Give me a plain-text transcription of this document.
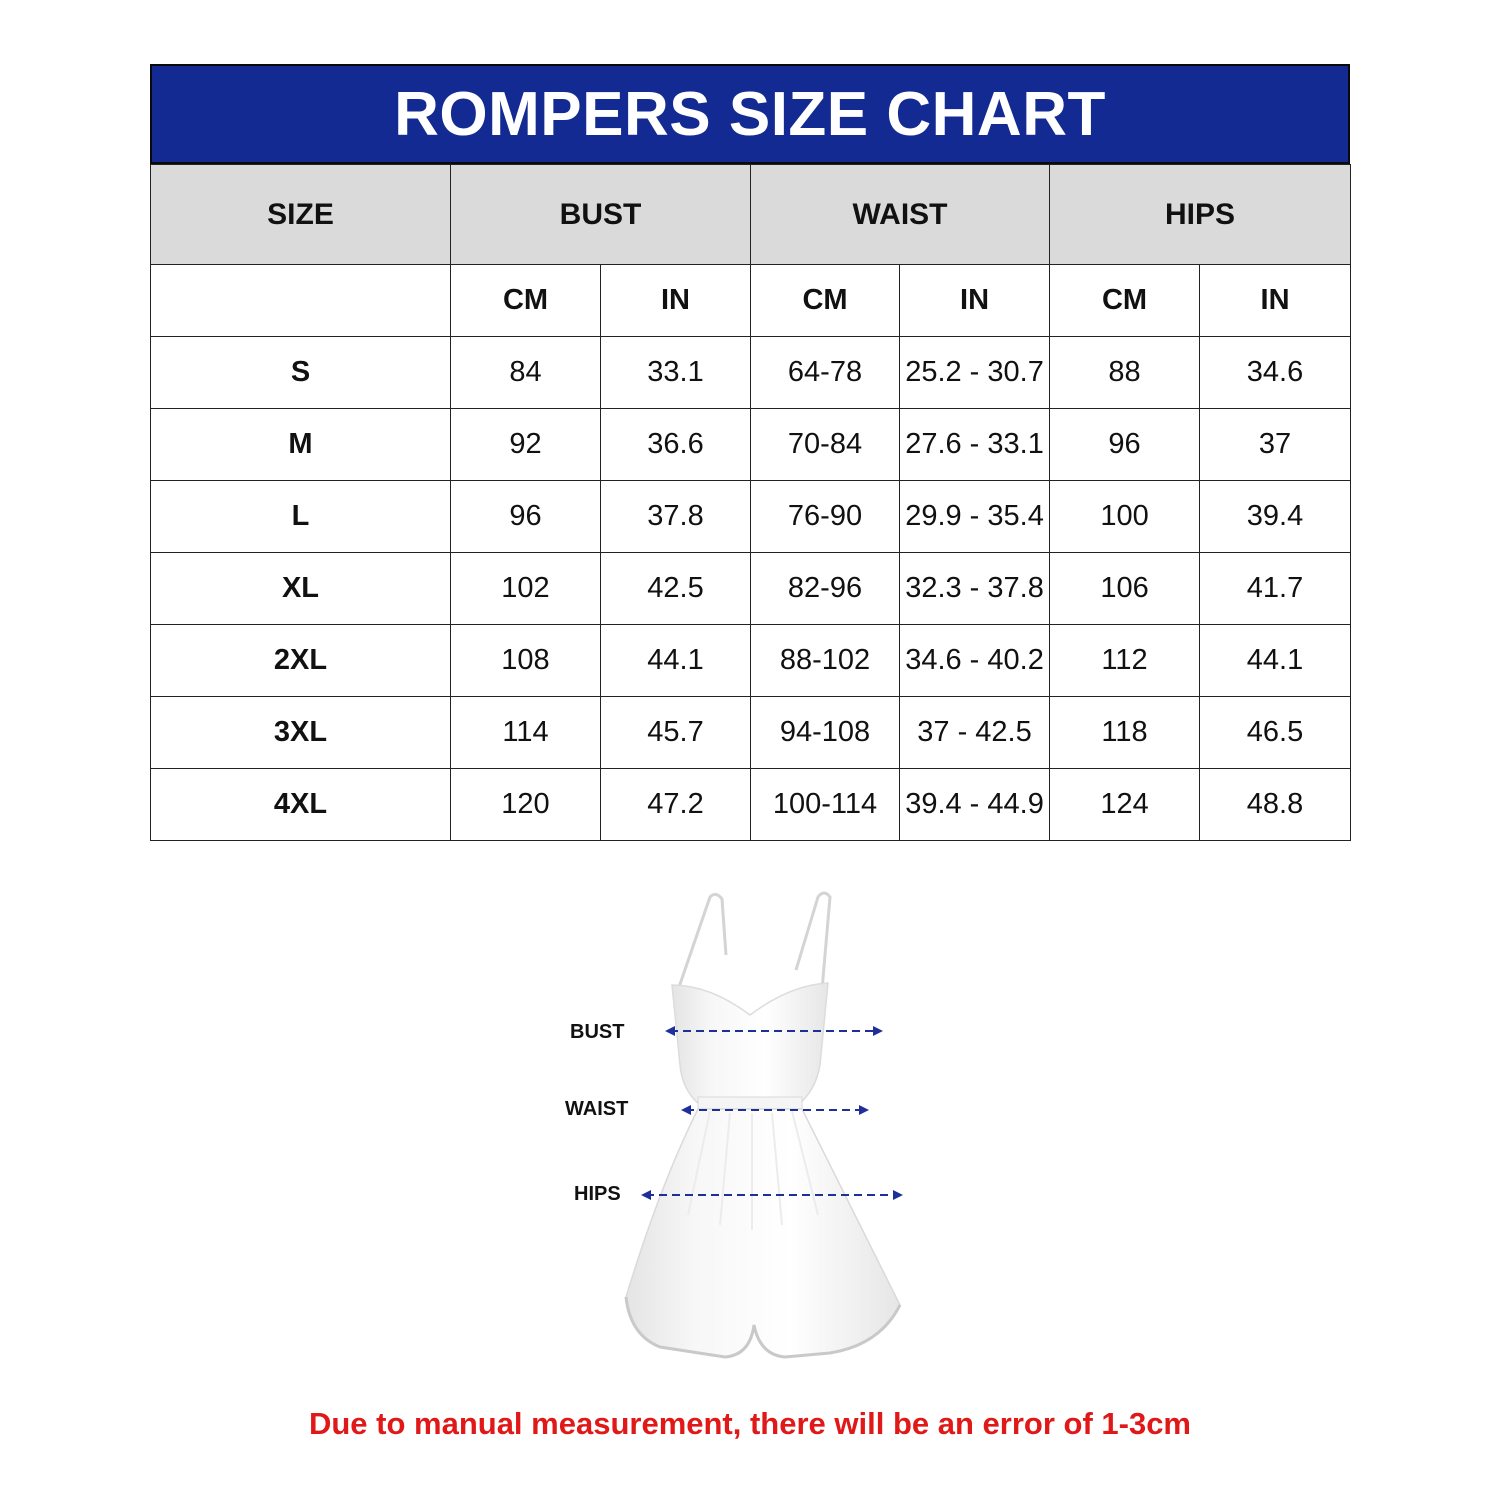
ROMPERS SIZE CHART
SIZE	BUST		WAIST		HIPS	
	CM	IN	CM	IN	CM	IN
S	84	33.1	64-78	25.2 - 30.7	88	34.6
M	92	36.6	70-84	27.6 - 33.1	96	37
L	96	37.8	76-90	29.9 - 35.4	100	39.4
XL	102	42.5	82-96	32.3 - 37.8	106	41.7
2XL	108	44.1	88-102	34.6 - 40.2	112	44.1
3XL	114	45.7	94-108	37 - 42.5	118	46.5
4XL	120	47.2	100-114	39.4 - 44.9	124	48.8
BUST
WAIST
HIPS
Due to manual measurement, there will be an error of 1-3cm
